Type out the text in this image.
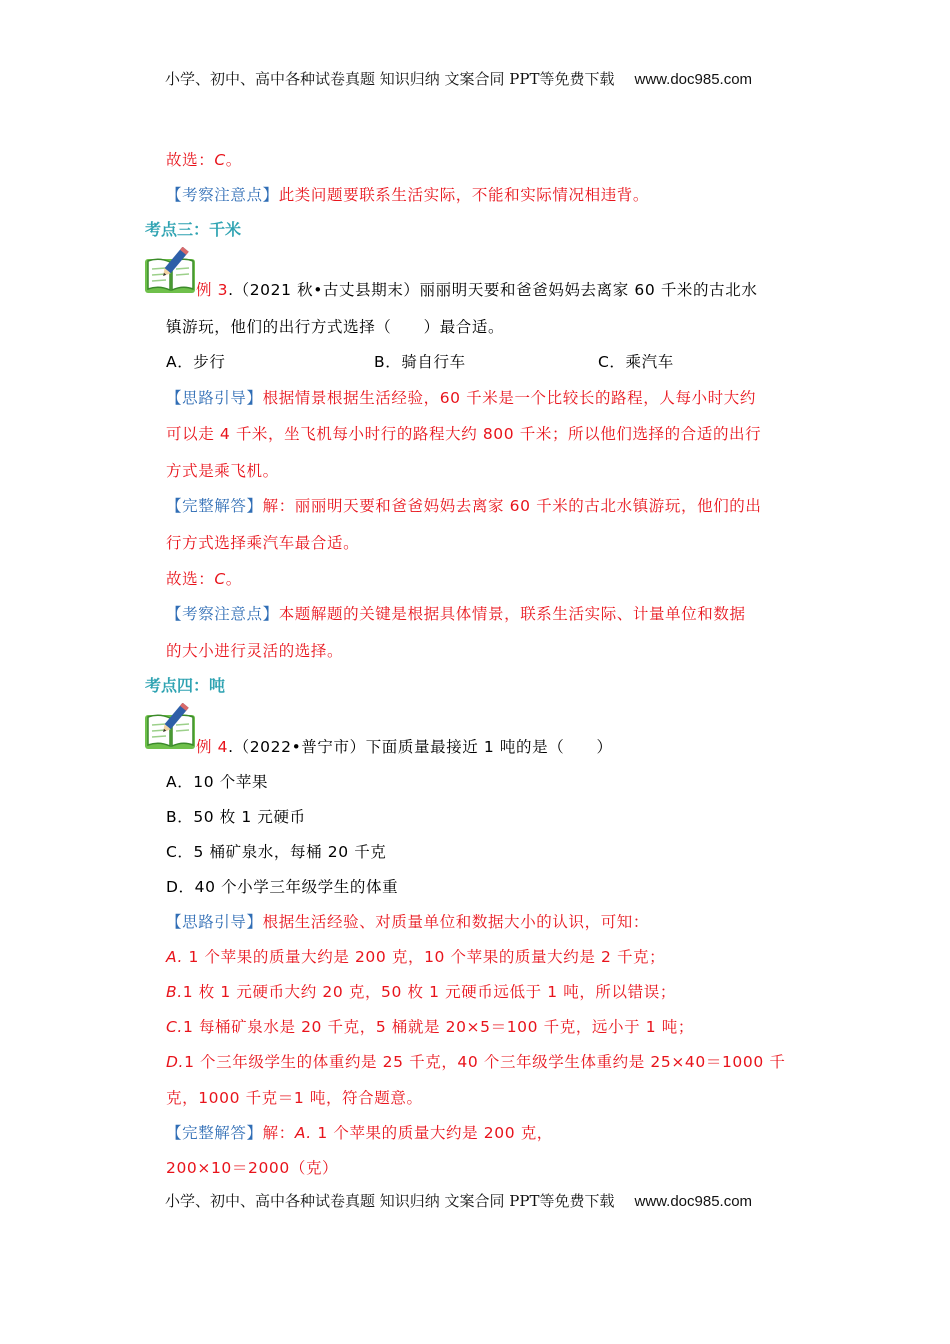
小学、初中、高中各种试卷真题 知识归纳 文案合同 PPT等免费下载 www.doc985.com
故选：C。
【考察注意点】此类问题要联系生活实际，不能和实际情况相违背。
考点三：千米
例 3.（2021 秋•古丈县期末）丽丽明天要和爸爸妈妈去离家 60 千米的古北水
镇游玩，他们的出行方式选择（　　）最合适。
A．步行	B．骑自行车	C．乘汽车
【思路引导】根据情景根据生活经验，60 千米是一个比较长的路程，人每小时大约
可以走 4 千米，坐飞机每小时行的路程大约 800 千米；所以他们选择的合适的出行
方式是乘飞机。
【完整解答】解：丽丽明天要和爸爸妈妈去离家 60 千米的古北水镇游玩，他们的出
行方式选择乘汽车最合适。
故选：C。
【考察注意点】本题解题的关键是根据具体情景，联系生活实际、计量单位和数据
的大小进行灵活的选择。
考点四：吨
例 4.（2022•普宁市）下面质量最接近 1 吨的是（　　）
A．10 个苹果
B．50 枚 1 元硬币
C．5 桶矿泉水，每桶 20 千克
D．40 个小学三年级学生的体重
【思路引导】根据生活经验、对质量单位和数据大小的认识，可知：
A. 1 个苹果的质量大约是 200 克，10 个苹果的质量大约是 2 千克；
B.1 枚 1 元硬币大约 20 克，50 枚 1 元硬币远低于 1 吨，所以错误；
C.1 每桶矿泉水是 20 千克，5 桶就是 20×5＝100 千克，远小于 1 吨；
D.1 个三年级学生的体重约是 25 千克，40 个三年级学生体重约是 25×40＝1000 千
克，1000 千克＝1 吨，符合题意。
【完整解答】解：A. 1 个苹果的质量大约是 200 克，
200×10＝2000（克）
小学、初中、高中各种试卷真题 知识归纳 文案合同 PPT等免费下载 www.doc985.com
